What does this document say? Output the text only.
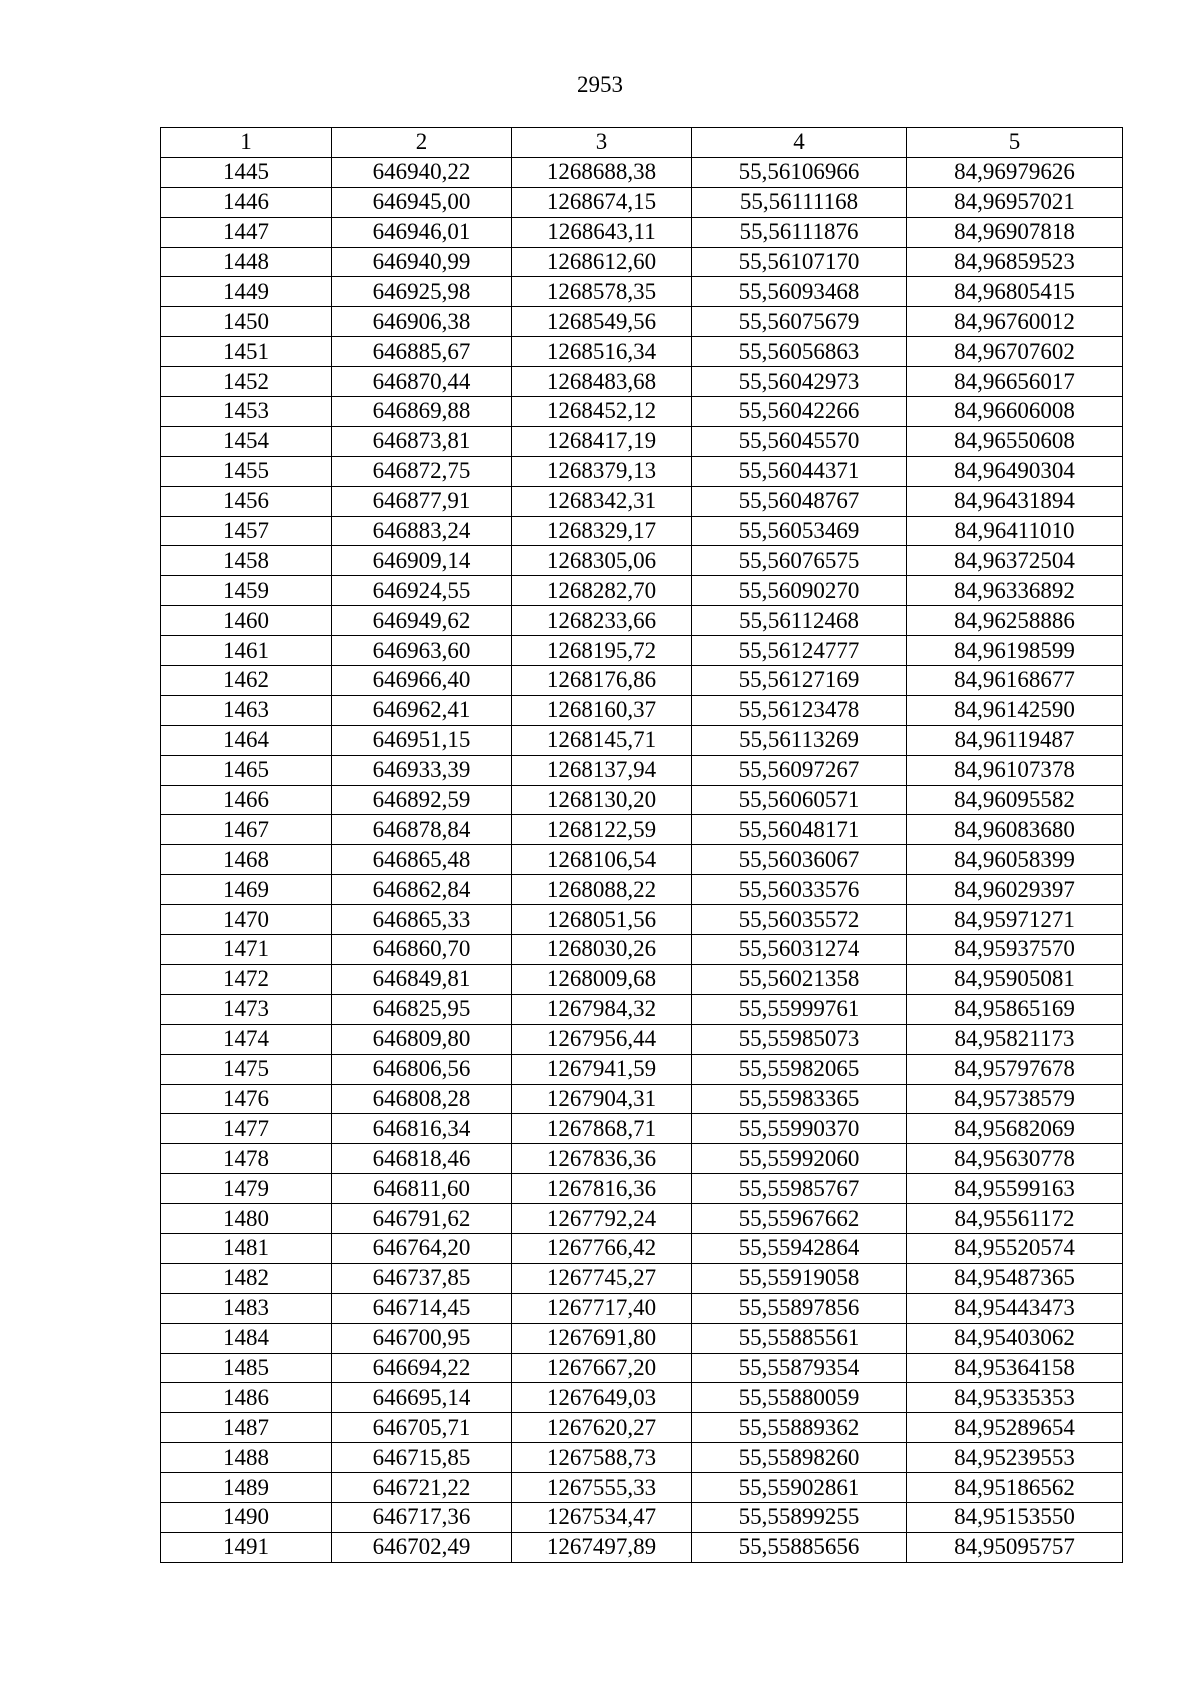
2953
1	2	3	4	5
1445	646940,22	1268688,38	55,56106966	84,96979626
1446	646945,00	1268674,15	55,56111168	84,96957021
1447	646946,01	1268643,11	55,56111876	84,96907818
1448	646940,99	1268612,60	55,56107170	84,96859523
1449	646925,98	1268578,35	55,56093468	84,96805415
1450	646906,38	1268549,56	55,56075679	84,96760012
1451	646885,67	1268516,34	55,56056863	84,96707602
1452	646870,44	1268483,68	55,56042973	84,96656017
1453	646869,88	1268452,12	55,56042266	84,96606008
1454	646873,81	1268417,19	55,56045570	84,96550608
1455	646872,75	1268379,13	55,56044371	84,96490304
1456	646877,91	1268342,31	55,56048767	84,96431894
1457	646883,24	1268329,17	55,56053469	84,96411010
1458	646909,14	1268305,06	55,56076575	84,96372504
1459	646924,55	1268282,70	55,56090270	84,96336892
1460	646949,62	1268233,66	55,56112468	84,96258886
1461	646963,60	1268195,72	55,56124777	84,96198599
1462	646966,40	1268176,86	55,56127169	84,96168677
1463	646962,41	1268160,37	55,56123478	84,96142590
1464	646951,15	1268145,71	55,56113269	84,96119487
1465	646933,39	1268137,94	55,56097267	84,96107378
1466	646892,59	1268130,20	55,56060571	84,96095582
1467	646878,84	1268122,59	55,56048171	84,96083680
1468	646865,48	1268106,54	55,56036067	84,96058399
1469	646862,84	1268088,22	55,56033576	84,96029397
1470	646865,33	1268051,56	55,56035572	84,95971271
1471	646860,70	1268030,26	55,56031274	84,95937570
1472	646849,81	1268009,68	55,56021358	84,95905081
1473	646825,95	1267984,32	55,55999761	84,95865169
1474	646809,80	1267956,44	55,55985073	84,95821173
1475	646806,56	1267941,59	55,55982065	84,95797678
1476	646808,28	1267904,31	55,55983365	84,95738579
1477	646816,34	1267868,71	55,55990370	84,95682069
1478	646818,46	1267836,36	55,55992060	84,95630778
1479	646811,60	1267816,36	55,55985767	84,95599163
1480	646791,62	1267792,24	55,55967662	84,95561172
1481	646764,20	1267766,42	55,55942864	84,95520574
1482	646737,85	1267745,27	55,55919058	84,95487365
1483	646714,45	1267717,40	55,55897856	84,95443473
1484	646700,95	1267691,80	55,55885561	84,95403062
1485	646694,22	1267667,20	55,55879354	84,95364158
1486	646695,14	1267649,03	55,55880059	84,95335353
1487	646705,71	1267620,27	55,55889362	84,95289654
1488	646715,85	1267588,73	55,55898260	84,95239553
1489	646721,22	1267555,33	55,55902861	84,95186562
1490	646717,36	1267534,47	55,55899255	84,95153550
1491	646702,49	1267497,89	55,55885656	84,95095757
